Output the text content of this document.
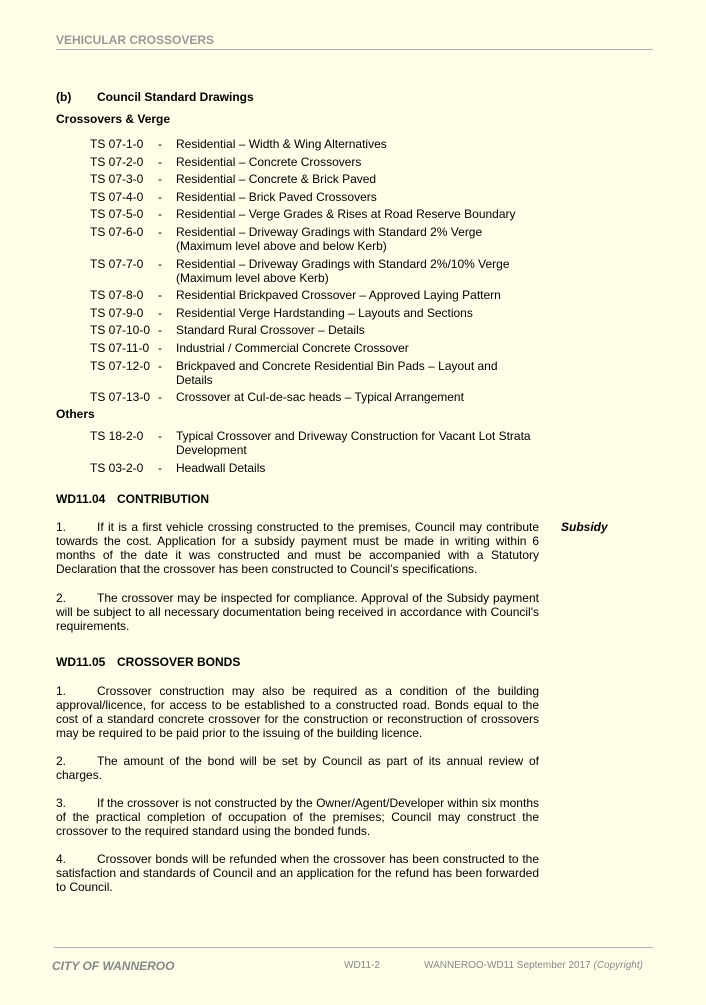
VEHICULAR CROSSOVERS
(b) Council Standard Drawings
Crossovers & Verge
TS 07-1-0	-	Residential – Width & Wing Alternatives
TS 07-2-0	-	Residential – Concrete Crossovers
TS 07-3-0	-	Residential – Concrete & Brick Paved
TS 07-4-0	-	Residential – Brick Paved Crossovers
TS 07-5-0	-	Residential – Verge Grades & Rises at Road Reserve Boundary
TS 07-6-0	-	Residential – Driveway Gradings with Standard 2% Verge
(Maximum level above and below Kerb)
TS 07-7-0	-	Residential – Driveway Gradings with Standard 2%/10% Verge
(Maximum level above Kerb)
TS 07-8-0	-	Residential Brickpaved Crossover – Approved Laying Pattern
TS 07-9-0	-	Residential Verge Hardstanding – Layouts and Sections
TS 07-10-0 -	Standard Rural Crossover – Details
TS 07-11-0 -	Industrial / Commercial Concrete Crossover
TS 07-12-0 -	Brickpaved and Concrete Residential Bin Pads – Layout and
Details
TS 07-13-0 -	Crossover at Cul-de-sac heads – Typical Arrangement
Others
TS 18-2-0	-	Typical Crossover and Driveway Construction for Vacant Lot Strata
Development
TS 03-2-0	-	Headwall Details
WD11.04 CONTRIBUTION
Subsidy

1.	If it is a first vehicle crossing constructed to the premises, Council may contribute towards the cost. Application for a subsidy payment must be made in writing within 6 months of the date it was constructed and must be accompanied with a Statutory Declaration that the crossover has been constructed to Council’s specifications.

2.	The crossover may be inspected for compliance. Approval of the Subsidy payment will be subject to all necessary documentation being received in accordance with Council's requirements.

WD11.05 CROSSOVER BONDS

1.	Crossover construction may also be required as a condition of the building approval/licence, for access to be established to a constructed road. Bonds equal to the cost of a standard concrete crossover for the construction or reconstruction of crossovers may be required to be paid prior to the issuing of the building licence.

2.	The amount of the bond will be set by Council as part of its annual review of charges.

3.	If the crossover is not constructed by the Owner/Agent/Developer within six months of the practical completion of occupation of the premises; Council may construct the crossover to the required standard using the bonded funds.

4.	Crossover bonds will be refunded when the crossover has been constructed to the satisfaction and standards of Council and an application for the refund has been forwarded to Council.

CITY OF WANNEROO	WD11-2	WANNEROO-WD11 September 2017 (Copyright)
